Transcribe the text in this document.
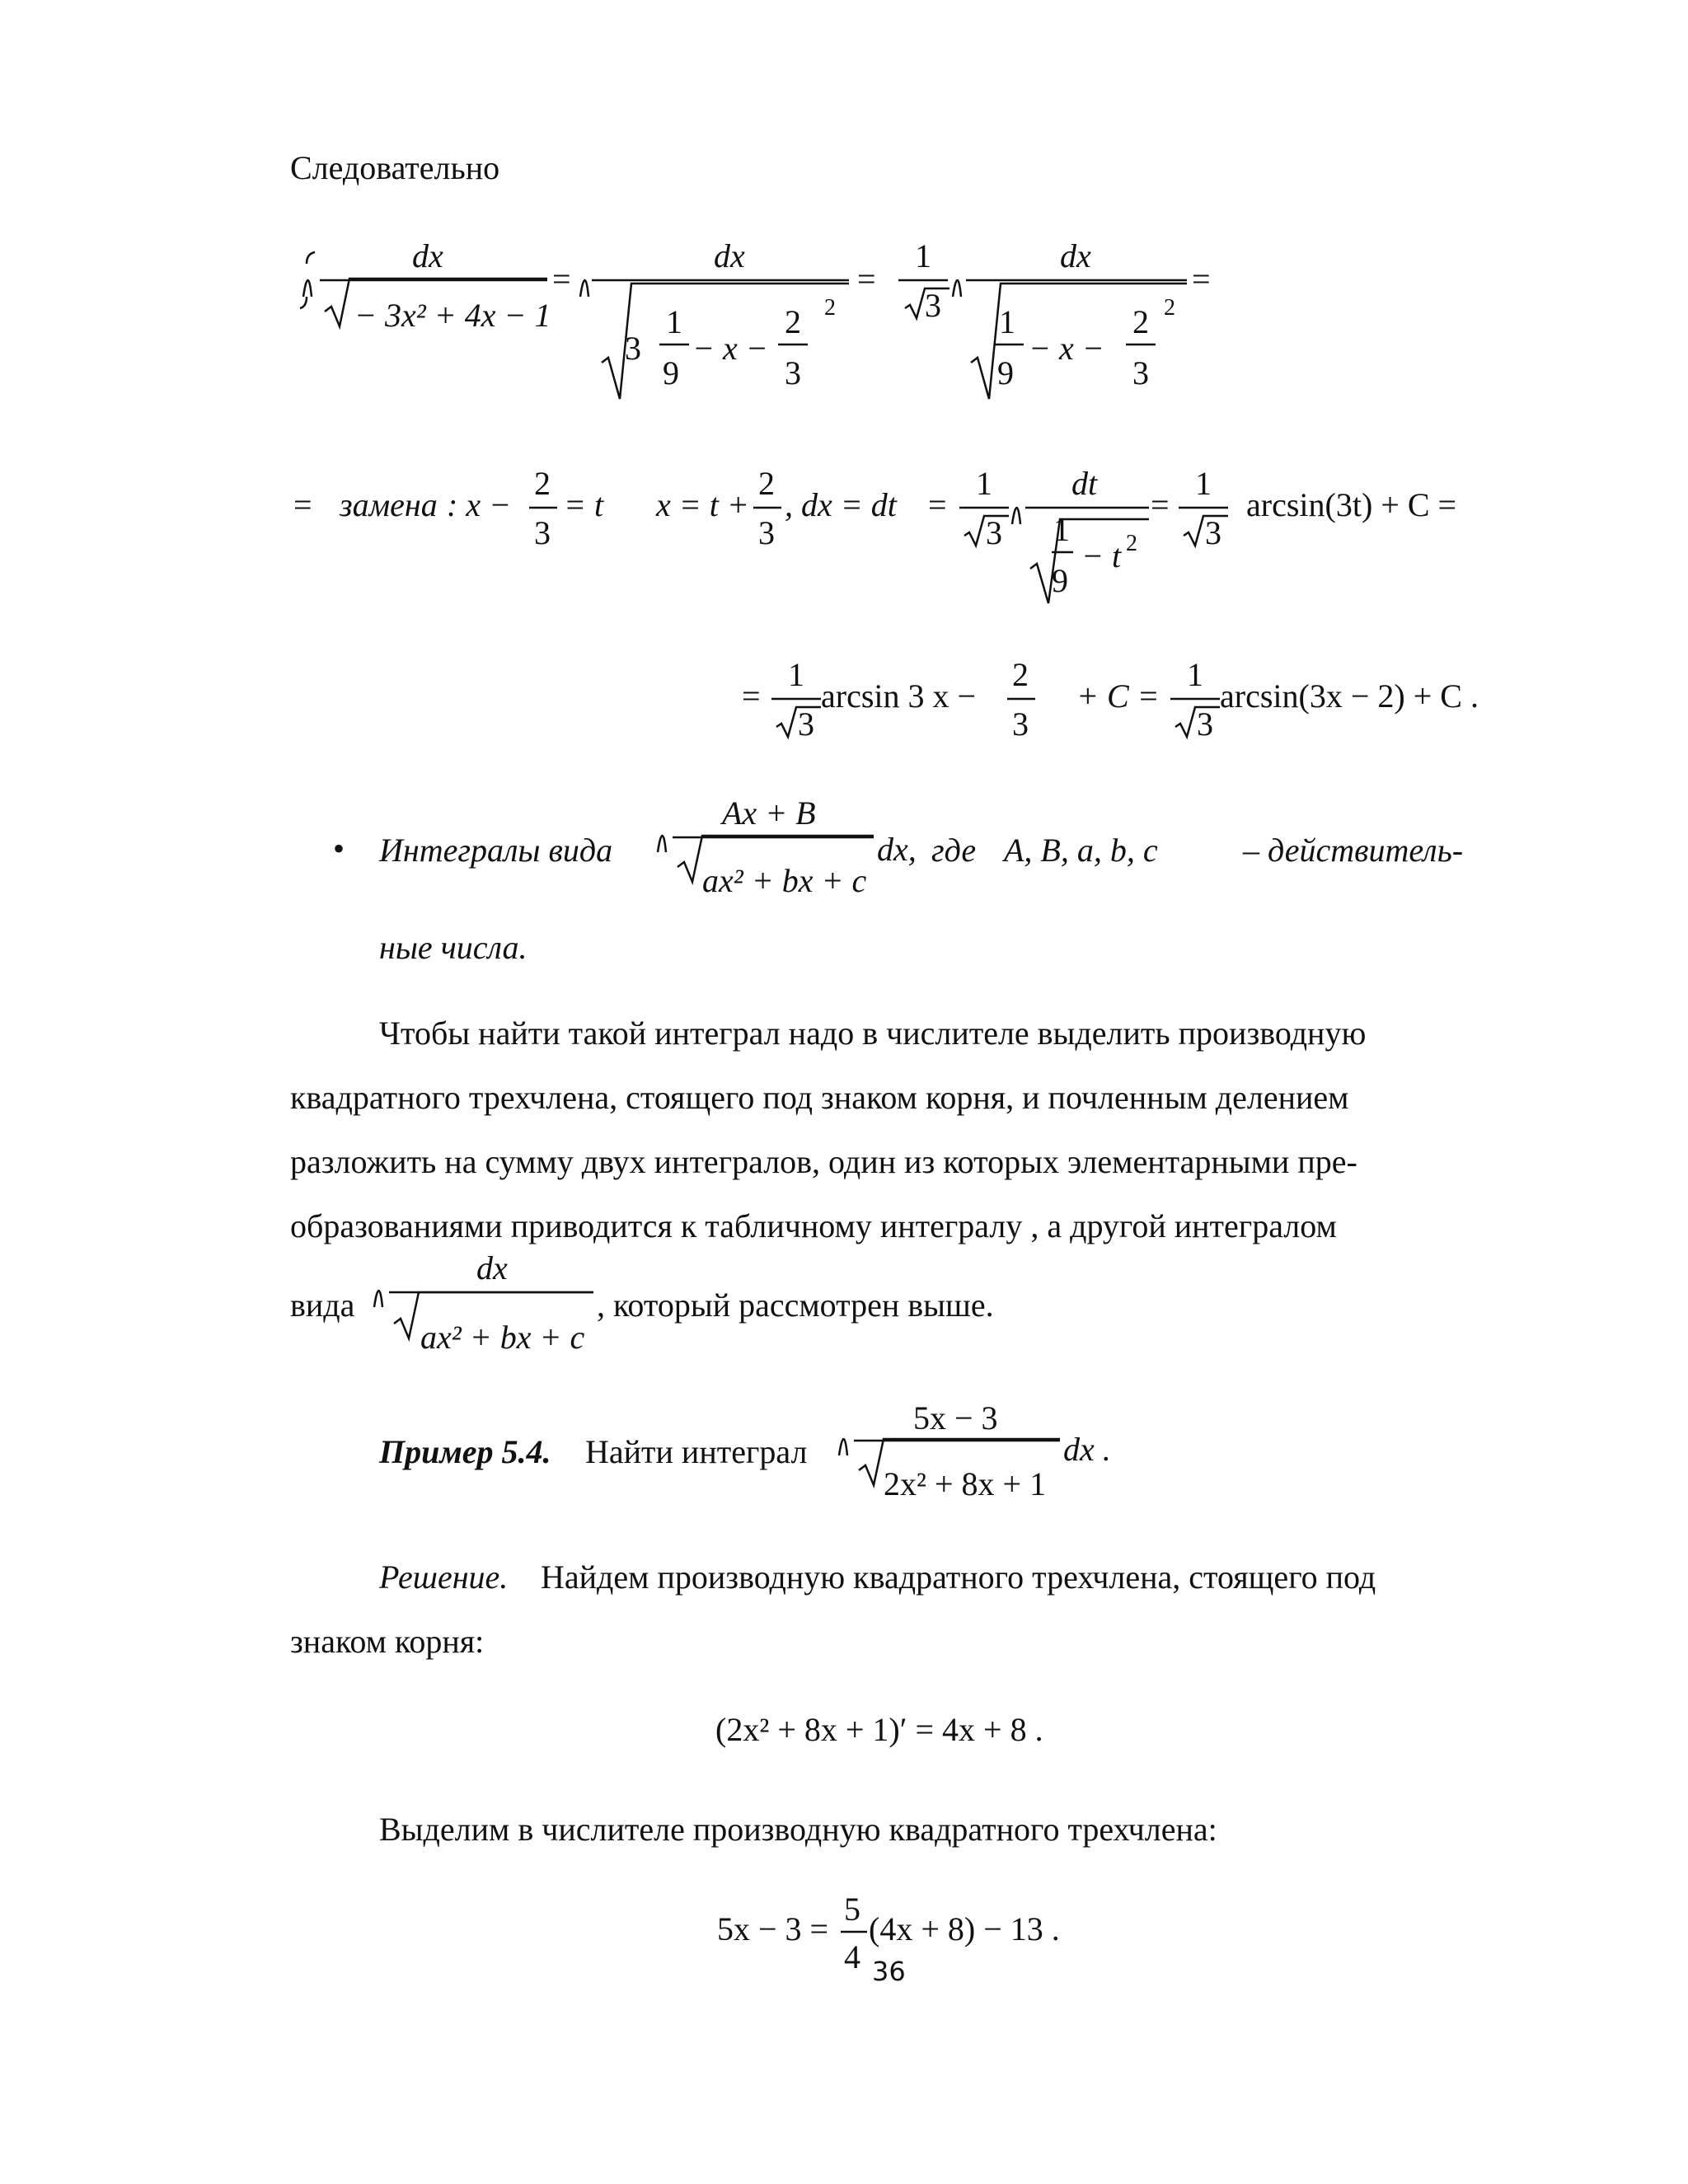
Следовательно
• Интегралы вида	где A, B, a, b, c	– действитель-
ные числа.
Чтобы найти такой интеграл надо в числителе выделить производную
квадратного трехчлена, стоящего под знаком корня, и почленным делением
разложить на сумму двух интегралов, один из которых элементарными пре-
образованиями приводится к табличному интегралу , а другой интегралом
вида	, который рассмотрен выше.
Пример 5.4. Найти интеграл
Решение. Найдем производную квадратного трехчлена, стоящего под
знаком корня:
Выделим в числителе производную квадратного трехчлена:
36
dx
− 3x² + 4x − 1
=
dx
3
1
9
− x −
2
3
2
=
1
3
dx
1
9
− x −
2
3
2
=
= замена : x −
2
3
= t x = t +
2
3
, dx = dt =
1
3
dt
1
9
− t 2
=
1
3
arcsin(3t) + C =
=
1
3
arcsin 3 x −
2
3
+ C =
1
3
arcsin(3x − 2) + C .
Ax + B
ax² + bx + c
dx,
dx
ax² + bx + c
5x − 3
2x² + 8x + 1
dx .
(2x² + 8x + 1)′ = 4x + 8 .
5x − 3 =
5
4
(4x + 8) − 13 .
